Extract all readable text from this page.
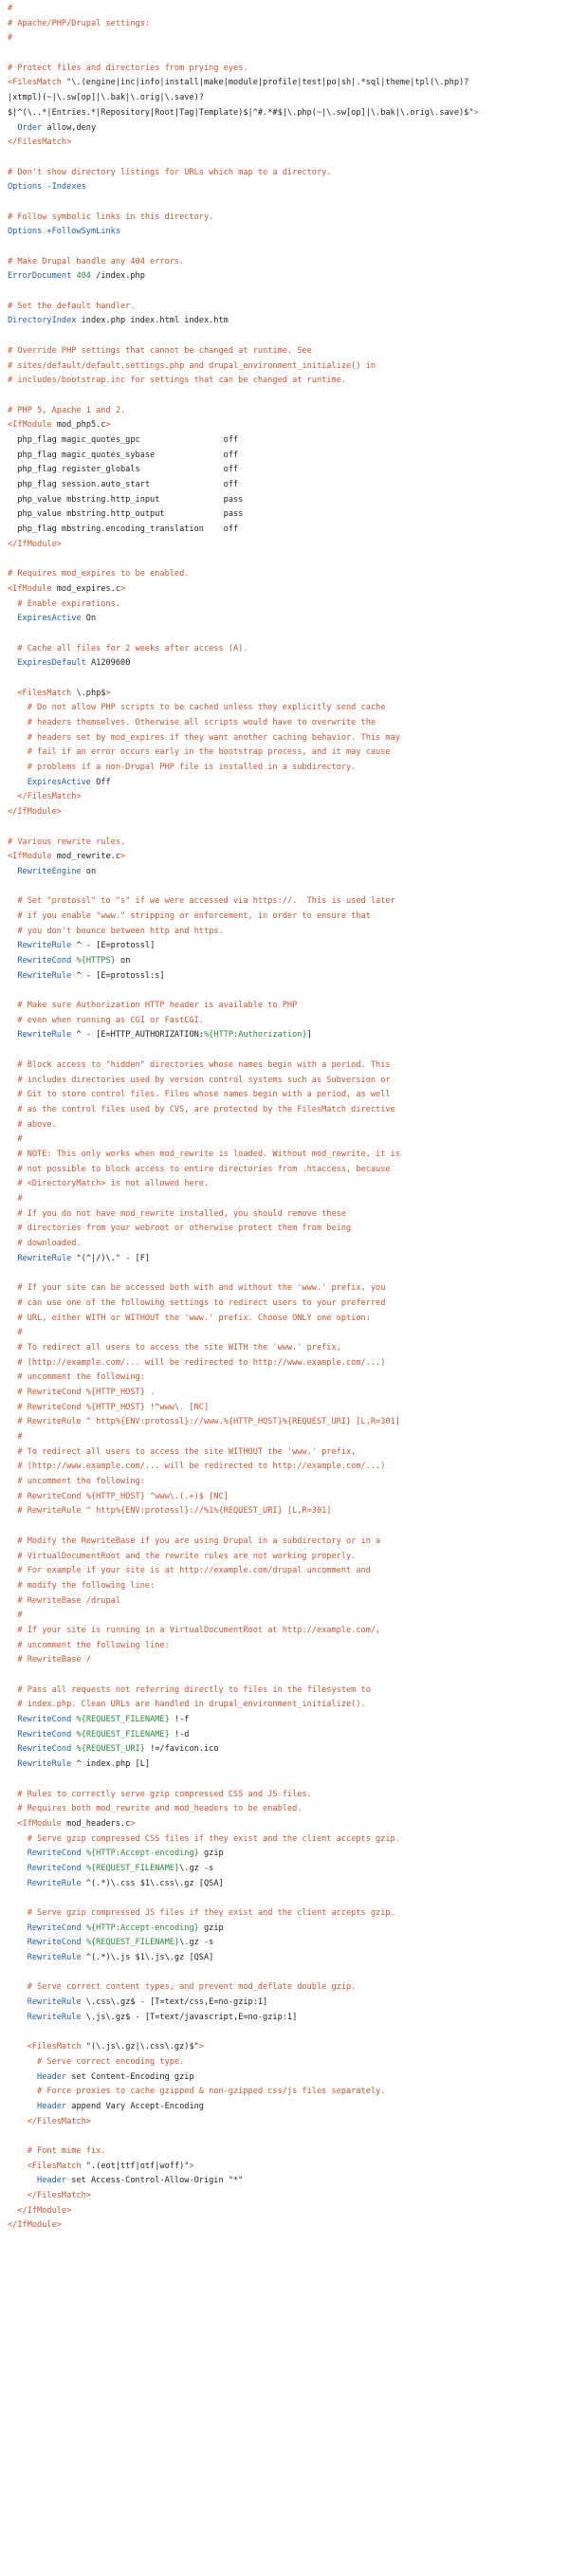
#
# Apache/PHP/Drupal settings:
#

# Protect files and directories from prying eyes.
<FilesMatch "\.(engine|inc|info|install|make|module|profile|test|po|sh|.*sql|theme|tpl(\.php)?
|xtmpl)(~|\.sw[op]|\.bak|\.orig|\.save)?
$|^(\..*|Entries.*|Repository|Root|Tag|Template)$|^#.*#$|\.php(~|\.sw[op]|\.bak|\.orig\.save)$">
Order allow,deny
</FilesMatch>

# Don't show directory listings for URLs which map to a directory.
Options -Indexes

# Follow symbolic links in this directory.
Options +FollowSymLinks

# Make Drupal handle any 404 errors.
ErrorDocument 404 /index.php

# Set the default handler.
DirectoryIndex index.php index.html index.htm

# Override PHP settings that cannot be changed at runtime. See
# sites/default/default.settings.php and drupal_environment_initialize() in
# includes/bootstrap.inc for settings that can be changed at runtime.

# PHP 5, Apache 1 and 2.
<IfModule mod_php5.c>
php_flag magic_quotes_gpc                 off
php_flag magic_quotes_sybase              off
php_flag register_globals                 off
php_flag session.auto_start               off
php_value mbstring.http_input             pass
php_value mbstring.http_output            pass
php_flag mbstring.encoding_translation    off
</IfModule>

# Requires mod_expires to be enabled.
<IfModule mod_expires.c>
# Enable expirations.
ExpiresActive On

# Cache all files for 2 weeks after access (A).
ExpiresDefault A1209600

<FilesMatch \.php$>
# Do not allow PHP scripts to be cached unless they explicitly send cache
# headers themselves. Otherwise all scripts would have to overwrite the
# headers set by mod_expires if they want another caching behavior. This may
# fail if an error occurs early in the bootstrap process, and it may cause
# problems if a non-Drupal PHP file is installed in a subdirectory.
ExpiresActive Off
</FilesMatch>
</IfModule>

# Various rewrite rules.
<IfModule mod_rewrite.c>
RewriteEngine on

# Set "protossl" to "s" if we were accessed via https://.  This is used later
# if you enable "www." stripping or enforcement, in order to ensure that
# you don't bounce between http and https.
RewriteRule ^ - [E=protossl]
RewriteCond %{HTTPS} on
RewriteRule ^ - [E=protossl:s]

# Make sure Authorization HTTP header is available to PHP
# even when running as CGI or FastCGI.
RewriteRule ^ - [E=HTTP_AUTHORIZATION:%{HTTP:Authorization}]

# Block access to "hidden" directories whose names begin with a period. This
# includes directories used by version control systems such as Subversion or
# Git to store control files. Files whose names begin with a period, as well
# as the control files used by CVS, are protected by the FilesMatch directive
# above.
#
# NOTE: This only works when mod_rewrite is loaded. Without mod_rewrite, it is
# not possible to block access to entire directories from .htaccess, because
# <DirectoryMatch> is not allowed here.
#
# If you do not have mod_rewrite installed, you should remove these
# directories from your webroot or otherwise protect them from being
# downloaded.
RewriteRule "(^|/)\." - [F]

# If your site can be accessed both with and without the 'www.' prefix, you
# can use one of the following settings to redirect users to your preferred
# URL, either WITH or WITHOUT the 'www.' prefix. Choose ONLY one option:
#
# To redirect all users to access the site WITH the 'www.' prefix,
# (http://example.com/... will be redirected to http://www.example.com/...)
# uncomment the following:
# RewriteCond %{HTTP_HOST} .
# RewriteCond %{HTTP_HOST} !^www\. [NC]
# RewriteRule ^ http%{ENV:protossl}://www.%{HTTP_HOST}%{REQUEST_URI} [L,R=301]
#
# To redirect all users to access the site WITHOUT the 'www.' prefix,
# (http://www.example.com/... will be redirected to http://example.com/...)
# uncomment the following:
# RewriteCond %{HTTP_HOST} ^www\.(.+)$ [NC]
# RewriteRule ^ http%{ENV:protossl}://%1%{REQUEST_URI} [L,R=301]

# Modify the RewriteBase if you are using Drupal in a subdirectory or in a
# VirtualDocumentRoot and the rewrite rules are not working properly.
# For example if your site is at http://example.com/drupal uncomment and
# modify the following line:
# RewriteBase /drupal
#
# If your site is running in a VirtualDocumentRoot at http://example.com/,
# uncomment the following line:
# RewriteBase /

# Pass all requests not referring directly to files in the filesystem to
# index.php. Clean URLs are handled in drupal_environment_initialize().
RewriteCond %{REQUEST_FILENAME} !-f
RewriteCond %{REQUEST_FILENAME} !-d
RewriteCond %{REQUEST_URI} !=/favicon.ico
RewriteRule ^ index.php [L]

# Rules to correctly serve gzip compressed CSS and JS files.
# Requires both mod_rewrite and mod_headers to be enabled.
<IfModule mod_headers.c>
# Serve gzip compressed CSS files if they exist and the client accepts gzip.
RewriteCond %{HTTP:Accept-encoding} gzip
RewriteCond %{REQUEST_FILENAME}\.gz -s
RewriteRule ^(.*)\.css $1\.css\.gz [QSA]

# Serve gzip compressed JS files if they exist and the client accepts gzip.
RewriteCond %{HTTP:Accept-encoding} gzip
RewriteCond %{REQUEST_FILENAME}\.gz -s
RewriteRule ^(.*)\.js $1\.js\.gz [QSA]

# Serve correct content types, and prevent mod_deflate double gzip.
RewriteRule \.css\.gz$ - [T=text/css,E=no-gzip:1]
RewriteRule \.js\.gz$ - [T=text/javascript,E=no-gzip:1]

<FilesMatch "(\.js\.gz|\.css\.gz)$">
# Serve correct encoding type.
Header set Content-Encoding gzip
# Force proxies to cache gzipped & non-gzipped css/js files separately.
Header append Vary Accept-Encoding
</FilesMatch>

# Font mime fix.
<FilesMatch ".(eot|ttf|otf|woff)">
Header set Access-Control-Allow-Origin "*"
</FilesMatch>
</IfModule>
</IfModule>
